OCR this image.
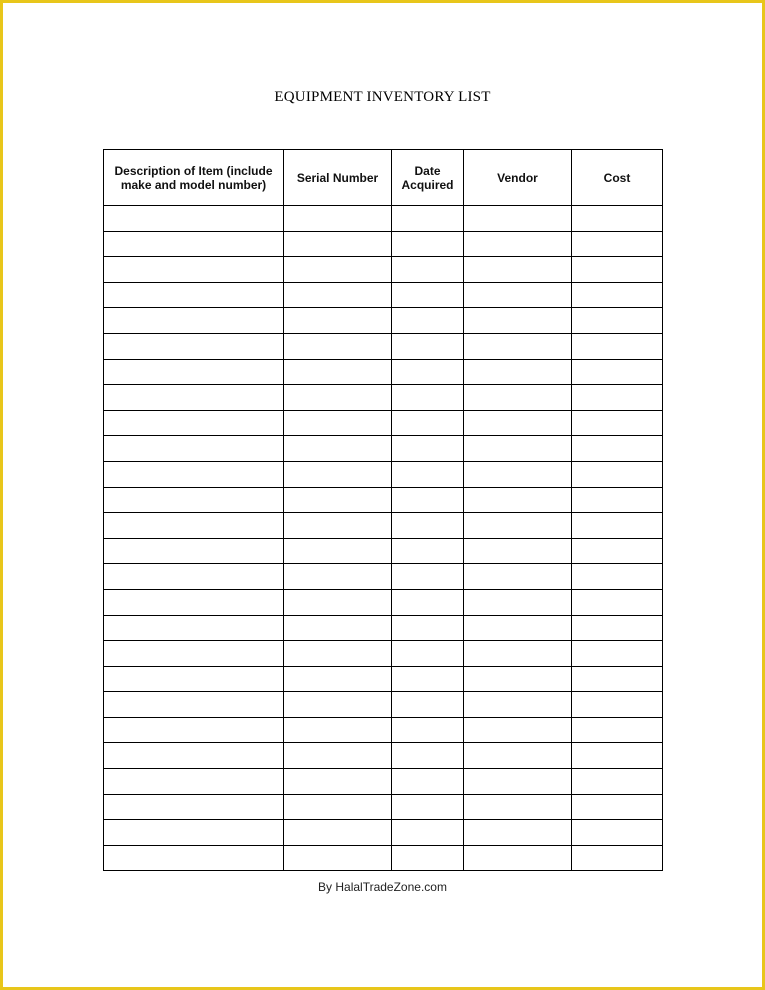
EQUIPMENT INVENTORY LIST
Description of Item (include make and model number)	Serial Number	Date Acquired	Vendor	Cost

By HalalTradeZone.com
